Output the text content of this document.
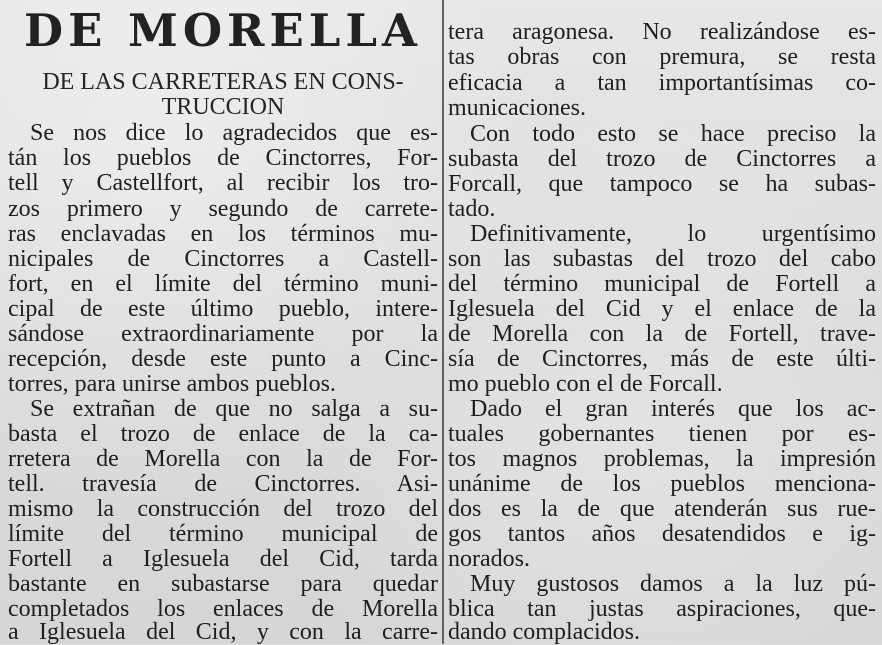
DE MORELLA
DE LAS CARRETERAS EN CONS-
TRUCCION

Se nos dice lo agradecidos que es-

tán los pueblos de Cinctorres, For-

tell y Castellfort, al recibir los tro-

zos primero y segundo de carrete-

ras enclavadas en los términos mu-

nicipales de Cinctorres a Castell-

fort, en el límite del término muni-

cipal de este último pueblo, intere-

sándose extraordinariamente por la

recepción, desde este punto a Cinc-

torres, para unirse ambos pueblos.

Se extrañan de que no salga a su-

basta el trozo de enlace de la ca-

rretera de Morella con la de For-

tell. travesía de Cinctorres. Asi-

mismo la construcción del trozo del

límite del término municipal de

Fortell a Iglesuela del Cid, tarda

bastante en subastarse para quedar

completados los enlaces de Morella

a Iglesuela del Cid, y con la carre-

tera aragonesa. No realizándose es-

tas obras con premura, se resta

eficacia a tan importantísimas co-

municaciones.

Con todo esto se hace preciso la

subasta del trozo de Cinctorres a

Forcall, que tampoco se ha subas-

tado.

Definitivamente, lo urgentísimo

son las subastas del trozo del cabo

del término municipal de Fortell a

Iglesuela del Cid y el enlace de la

de Morella con la de Fortell, trave-

sía de Cinctorres, más de este últi-

mo pueblo con el de Forcall.

Dado el gran interés que los ac-

tuales gobernantes tienen por es-

tos magnos problemas, la impresión

unánime de los pueblos menciona-

dos es la de que atenderán sus rue-

gos tantos años desatendidos e ig-

norados.

Muy gustosos damos a la luz pú-

blica tan justas aspiraciones, que-

dando complacidos.
